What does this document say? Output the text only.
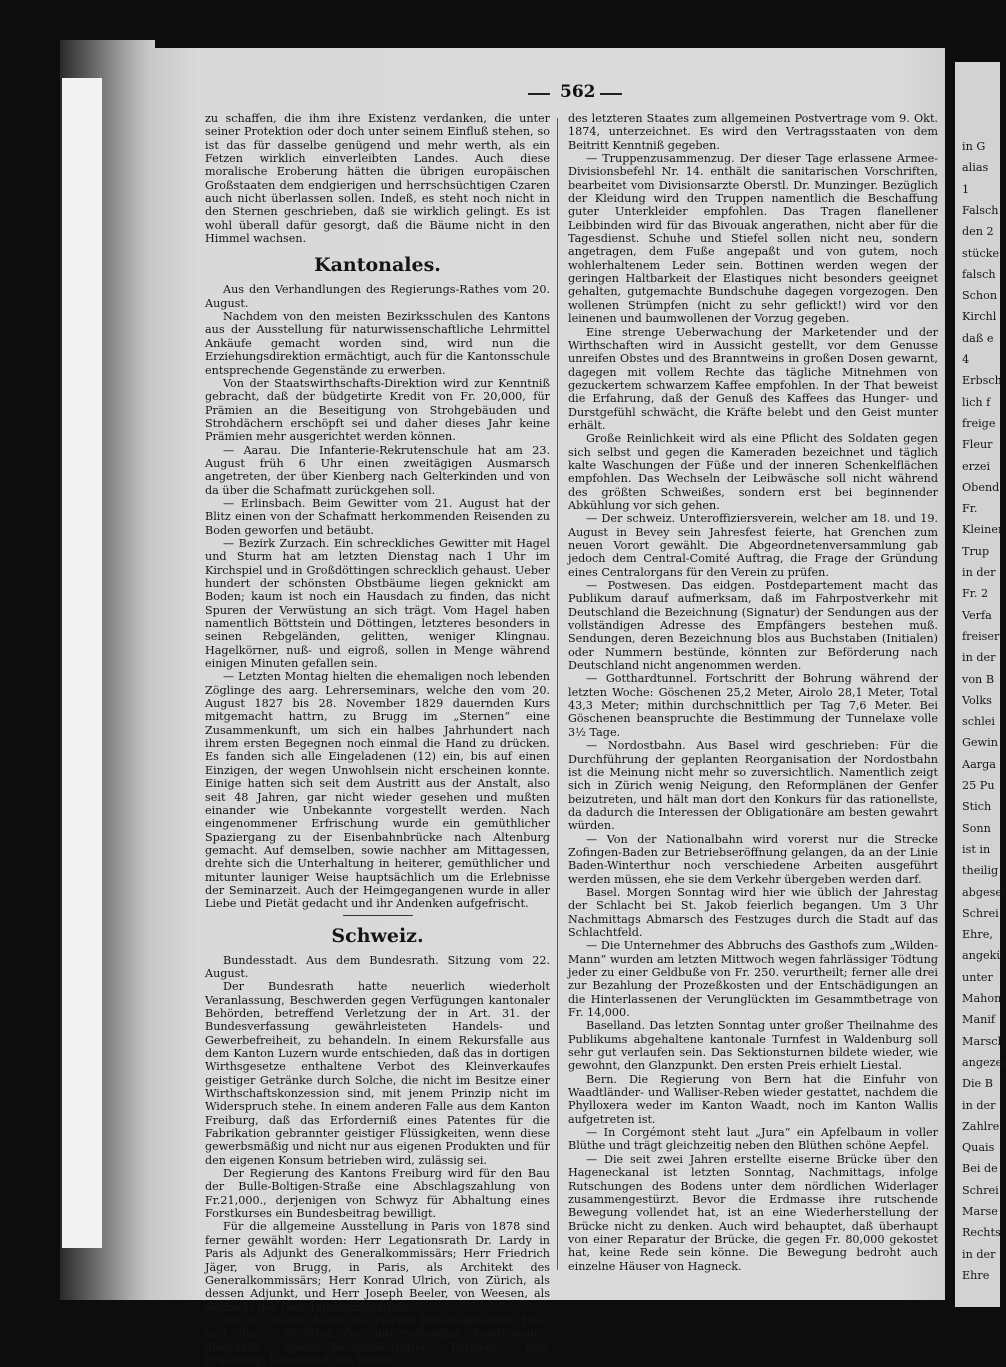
562

zu schaffen, die ihm ihre Existenz verdanken, die unter seiner Protektion oder doch unter seinem Einfluß stehen, so ist das für dasselbe genügend und mehr werth, als ein Fetzen wirklich einverleibten Landes. Auch diese moralische Eroberung hätten die übrigen europäischen Großstaaten dem endgierigen und herrschsüchtigen Czaren auch nicht überlassen sollen. Indeß, es steht noch nicht in den Sternen geschrieben, daß sie wirklich gelingt. Es ist wohl überall dafür gesorgt, daß die Bäume nicht in den Himmel wachsen.

Kantonales.

Aus den Verhandlungen des Regierungs-Rathes vom 20. August.

Nachdem von den meisten Bezirksschulen des Kantons aus der Ausstellung für naturwissenschaftliche Lehrmittel Ankäufe gemacht worden sind, wird nun die Erziehungsdirektion ermächtigt, auch für die Kantonsschule entsprechende Gegenstände zu erwerben.

Von der Staatswirthschafts-Direktion wird zur Kenntniß gebracht, daß der büdgetirte Kredit von Fr. 20,000, für Prämien an die Beseitigung von Strohgebäuden und Strohdächern erschöpft sei und daher dieses Jahr keine Prämien mehr ausgerichtet werden können.

— Aarau. Die Infanterie-Rekrutenschule hat am 23. August früh 6 Uhr einen zweitägigen Ausmarsch angetreten, der über Kienberg nach Gelterkinden und von da über die Schafmatt zurückgehen soll.

— Erlinsbach. Beim Gewitter vom 21. August hat der Blitz einen von der Schafmatt herkommenden Reisenden zu Boden geworfen und betäubt.

— Bezirk Zurzach. Ein schreckliches Gewitter mit Hagel und Sturm hat am letzten Dienstag nach 1 Uhr im Kirchspiel und in Großdöttingen schrecklich gehaust. Ueber hundert der schönsten Obstbäume liegen geknickt am Boden; kaum ist noch ein Hausdach zu finden, das nicht Spuren der Verwüstung an sich trägt. Vom Hagel haben namentlich Böttstein und Döttingen, letzteres besonders in seinen Rebgeländen, gelitten, weniger Klingnau. Hagelkörner, nuß- und eigroß, sollen in Menge während einigen Minuten gefallen sein.

— Letzten Montag hielten die ehemaligen noch lebenden Zöglinge des aarg. Lehrerseminars, welche den vom 20. August 1827 bis 28. November 1829 dauernden Kurs mitgemacht hattrn, zu Brugg im „Sternen“ eine Zusammenkunft, um sich ein halbes Jahrhundert nach ihrem ersten Begegnen noch einmal die Hand zu drücken. Es fanden sich alle Eingeladenen (12) ein, bis auf einen Einzigen, der wegen Unwohlsein nicht erscheinen konnte. Einige hatten sich seit dem Austritt aus der Anstalt, also seit 48 Jahren, gar nicht wieder gesehen und mußten einander wie Unbekannte vorgestellt werden. Nach eingenommener Erfrischung wurde ein gemüthlicher Spaziergang zu der Eisenbahnbrücke nach Altenburg gemacht. Auf demselben, sowie nachher am Mittagessen, drehte sich die Unterhaltung in heiterer, gemüthlicher und mitunter launiger Weise hauptsächlich um die Erlebnisse der Seminarzeit. Auch der Heimgegangenen wurde in aller Liebe und Pietät gedacht und ihr Andenken aufgefrischt.

Schweiz.

Bundesstadt. Aus dem Bundesrath. Sitzung vom 22. August.

Der Bundesrath hatte neuerlich wiederholt Veranlassung, Beschwerden gegen Verfügungen kantonaler Behörden, betreffend Verletzung der in Art. 31. der Bundesverfassung gewährleisteten Handels- und Gewerbefreiheit, zu behandeln. In einem Rekursfalle aus dem Kanton Luzern wurde entschieden, daß das in dortigen Wirthsgesetze enthaltene Verbot des Kleinverkaufes geistiger Getränke durch Solche, die nicht im Besitze einer Wirthschaftskonzession sind, mit jenem Prinzip nicht im Widerspruch stehe. In einem anderen Falle aus dem Kanton Freiburg, daß das Erforderniß eines Patentes für die Fabrikation gebrannter geistiger Flüssigkeiten, wenn diese gewerbsmäßig und nicht nur aus eigenen Produkten und für den eigenen Konsum betrieben wird, zulässig sei.

Der Regierung des Kantons Freiburg wird für den Bau der Bulle-Boltigen-Straße eine Abschlagszahlung von Fr.21,000., derjenigen von Schwyz für Abhaltung eines Forstkurses ein Bundesbeitrag bewilligt.

Für die allgemeine Ausstellung in Paris von 1878 sind ferner gewählt worden: Herr Legationsrath Dr. Lardy in Paris als Adjunkt des Generalkommissärs; Herr Friedrich Jäger, von Brugg, in Paris, als Architekt des Generalkommissärs; Herr Konrad Ulrich, von Zürich, als dessen Adjunkt, und Herr Joseph Beeler, von Weesen, als Sekretär des Generalkommissariats.

Am 18. August haben die Herren Bundespräsident Heer und Borel, Direktor des internationalen Postbureau's, die(s)falls Spezial-Bevollmächtigter Persiens, eine Erklärung, betreffend den Beitritt

des letzteren Staates zum allgemeinen Postvertrage vom 9. Okt. 1874, unterzeichnet. Es wird den Vertragsstaaten von dem Beitritt Kenntniß gegeben.

— Truppenzusammenzug. Der dieser Tage erlassene Armee-Divisionsbefehl Nr. 14. enthält die sanitarischen Vorschriften, bearbeitet vom Divisionsarzte Oberstl. Dr. Munzinger. Bezüglich der Kleidung wird den Truppen namentlich die Beschaffung guter Unterkleider empfohlen. Das Tragen flanellener Leibbinden wird für das Bivouak angerathen, nicht aber für die Tagesdienst. Schuhe und Stiefel sollen nicht neu, sondern angetragen, dem Fuße angepaßt und von gutem, noch wohlerhaltenem Leder sein. Bottinen werden wegen der geringen Haltbarkeit der Elastiques nicht besonders geeignet gehalten, gutgemachte Bundschuhe dagegen vorgezogen. Den wollenen Strümpfen (nicht zu sehr geflickt!) wird vor den leinenen und baumwollenen der Vorzug gegeben.

Eine strenge Ueberwachung der Marketender und der Wirthschaften wird in Aussicht gestellt, vor dem Genusse unreifen Obstes und des Branntweins in großen Dosen gewarnt, dagegen mit vollem Rechte das tägliche Mitnehmen von gezuckertem schwarzem Kaffee empfohlen. In der That beweist die Erfahrung, daß der Genuß des Kaffees das Hunger- und Durstgefühl schwächt, die Kräfte belebt und den Geist munter erhält.

Große Reinlichkeit wird als eine Pflicht des Soldaten gegen sich selbst und gegen die Kameraden bezeichnet und täglich kalte Waschungen der Füße und der inneren Schenkelflächen empfohlen. Das Wechseln der Leibwäsche soll nicht während des größten Schweißes, sondern erst bei beginnender Abkühlung vor sich gehen.

— Der schweiz. Unteroffiziersverein, welcher am 18. und 19. August in Bevey sein Jahresfest feierte, hat Grenchen zum neuen Vorort gewählt. Die Abgeordnetenversammlung gab jedoch dem Central-Comité Auftrag, die Frage der Gründung eines Centralorgans für den Verein zu prüfen.

— Postwesen. Das eidgen. Postdepartement macht das Publikum darauf aufmerksam, daß im Fahrpostverkehr mit Deutschland die Bezeichnung (Signatur) der Sendungen aus der vollständigen Adresse des Empfängers bestehen muß. Sendungen, deren Bezeichnung blos aus Buchstaben (Initialen) oder Nummern bestünde, könnten zur Beförderung nach Deutschland nicht angenommen werden.

— Gotthardtunnel. Fortschritt der Bohrung während der letzten Woche: Göschenen 25,2 Meter, Airolo 28,1 Meter, Total 43,3 Meter; mithin durchschnittlich per Tag 7,6 Meter. Bei Göschenen beanspruchte die Bestimmung der Tunnelaxe volle 3½ Tage.

— Nordostbahn. Aus Basel wird geschrieben: Für die Durchführung der geplanten Reorganisation der Nordostbahn ist die Meinung nicht mehr so zuversichtlich. Namentlich zeigt sich in Zürich wenig Neigung, den Reformplänen der Genfer beizutreten, und hält man dort den Konkurs für das rationellste, da dadurch die Interessen der Obligationäre am besten gewahrt würden.

— Von der Nationalbahn wird vorerst nur die Strecke Zofingen-Baden zur Betriebseröffnung gelangen, da an der Linie Baden-Winterthur noch verschiedene Arbeiten ausgeführt werden müssen, ehe sie dem Verkehr übergeben werden darf.

Basel. Morgen Sonntag wird hier wie üblich der Jahrestag der Schlacht bei St. Jakob feierlich begangen. Um 3 Uhr Nachmittags Abmarsch des Festzuges durch die Stadt auf das Schlachtfeld.

— Die Unternehmer des Abbruchs des Gasthofs zum „Wilden-Mann“ wurden am letzten Mittwoch wegen fahrlässiger Tödtung jeder zu einer Geldbuße von Fr. 250. verurtheilt; ferner alle drei zur Bezahlung der Prozeßkosten und der Entschädigungen an die Hinterlassenen der Verunglückten im Gesammtbetrage von Fr. 14,000.

Baselland. Das letzten Sonntag unter großer Theilnahme des Publikums abgehaltene kantonale Turnfest in Waldenburg soll sehr gut verlaufen sein. Das Sektionsturnen bildete wieder, wie gewohnt, den Glanzpunkt. Den ersten Preis erhielt Liestal.

Bern. Die Regierung von Bern hat die Einfuhr von Waadtländer- und Walliser-Reben wieder gestattet, nachdem die Phylloxera weder im Kanton Waadt, noch im Kanton Wallis aufgetreten ist.

— In Corgémont steht laut „Jura“ ein Apfelbaum in voller Blüthe und trägt gleichzeitig neben den Blüthen schöne Aepfel.

— Die seit zwei Jahren erstellte eiserne Brücke über den Hageneckanal ist letzten Sonntag, Nachmittags, infolge Rutschungen des Bodens unter dem nördlichen Widerlager zusammengestürzt. Bevor die Erdmasse ihre rutschende Bewegung vollendet hat, ist an eine Wiederherstellung der Brücke nicht zu denken. Auch wird behauptet, daß überhaupt von einer Reparatur der Brücke, die gegen Fr. 80,000 gekostet hat, keine Rede sein könne. Die Bewegung bedroht auch einzelne Häuser von Hagneck.

in G
alias
1
Falsch
den 2
stücke
falsch
Schon
Kirchl
daß e
4
Erbsch
lich f
freige
Fleur
erzei
Obend
Fr.
Kleiner
Trup
in der
Fr. 2
Verfa
freiser
in der
von B
Volks
schlei
Gewin
Aarga
25 Pu
Stich
Sonn
ist in
theilig
abgesel
Schrei
Ehre,
angekü
unter
Mahon
Manif
Marsch
angezei
Die B
in der
Zahlre
Quais
Bei de
Schrei
Marse
Rechts
in der
Ehre
